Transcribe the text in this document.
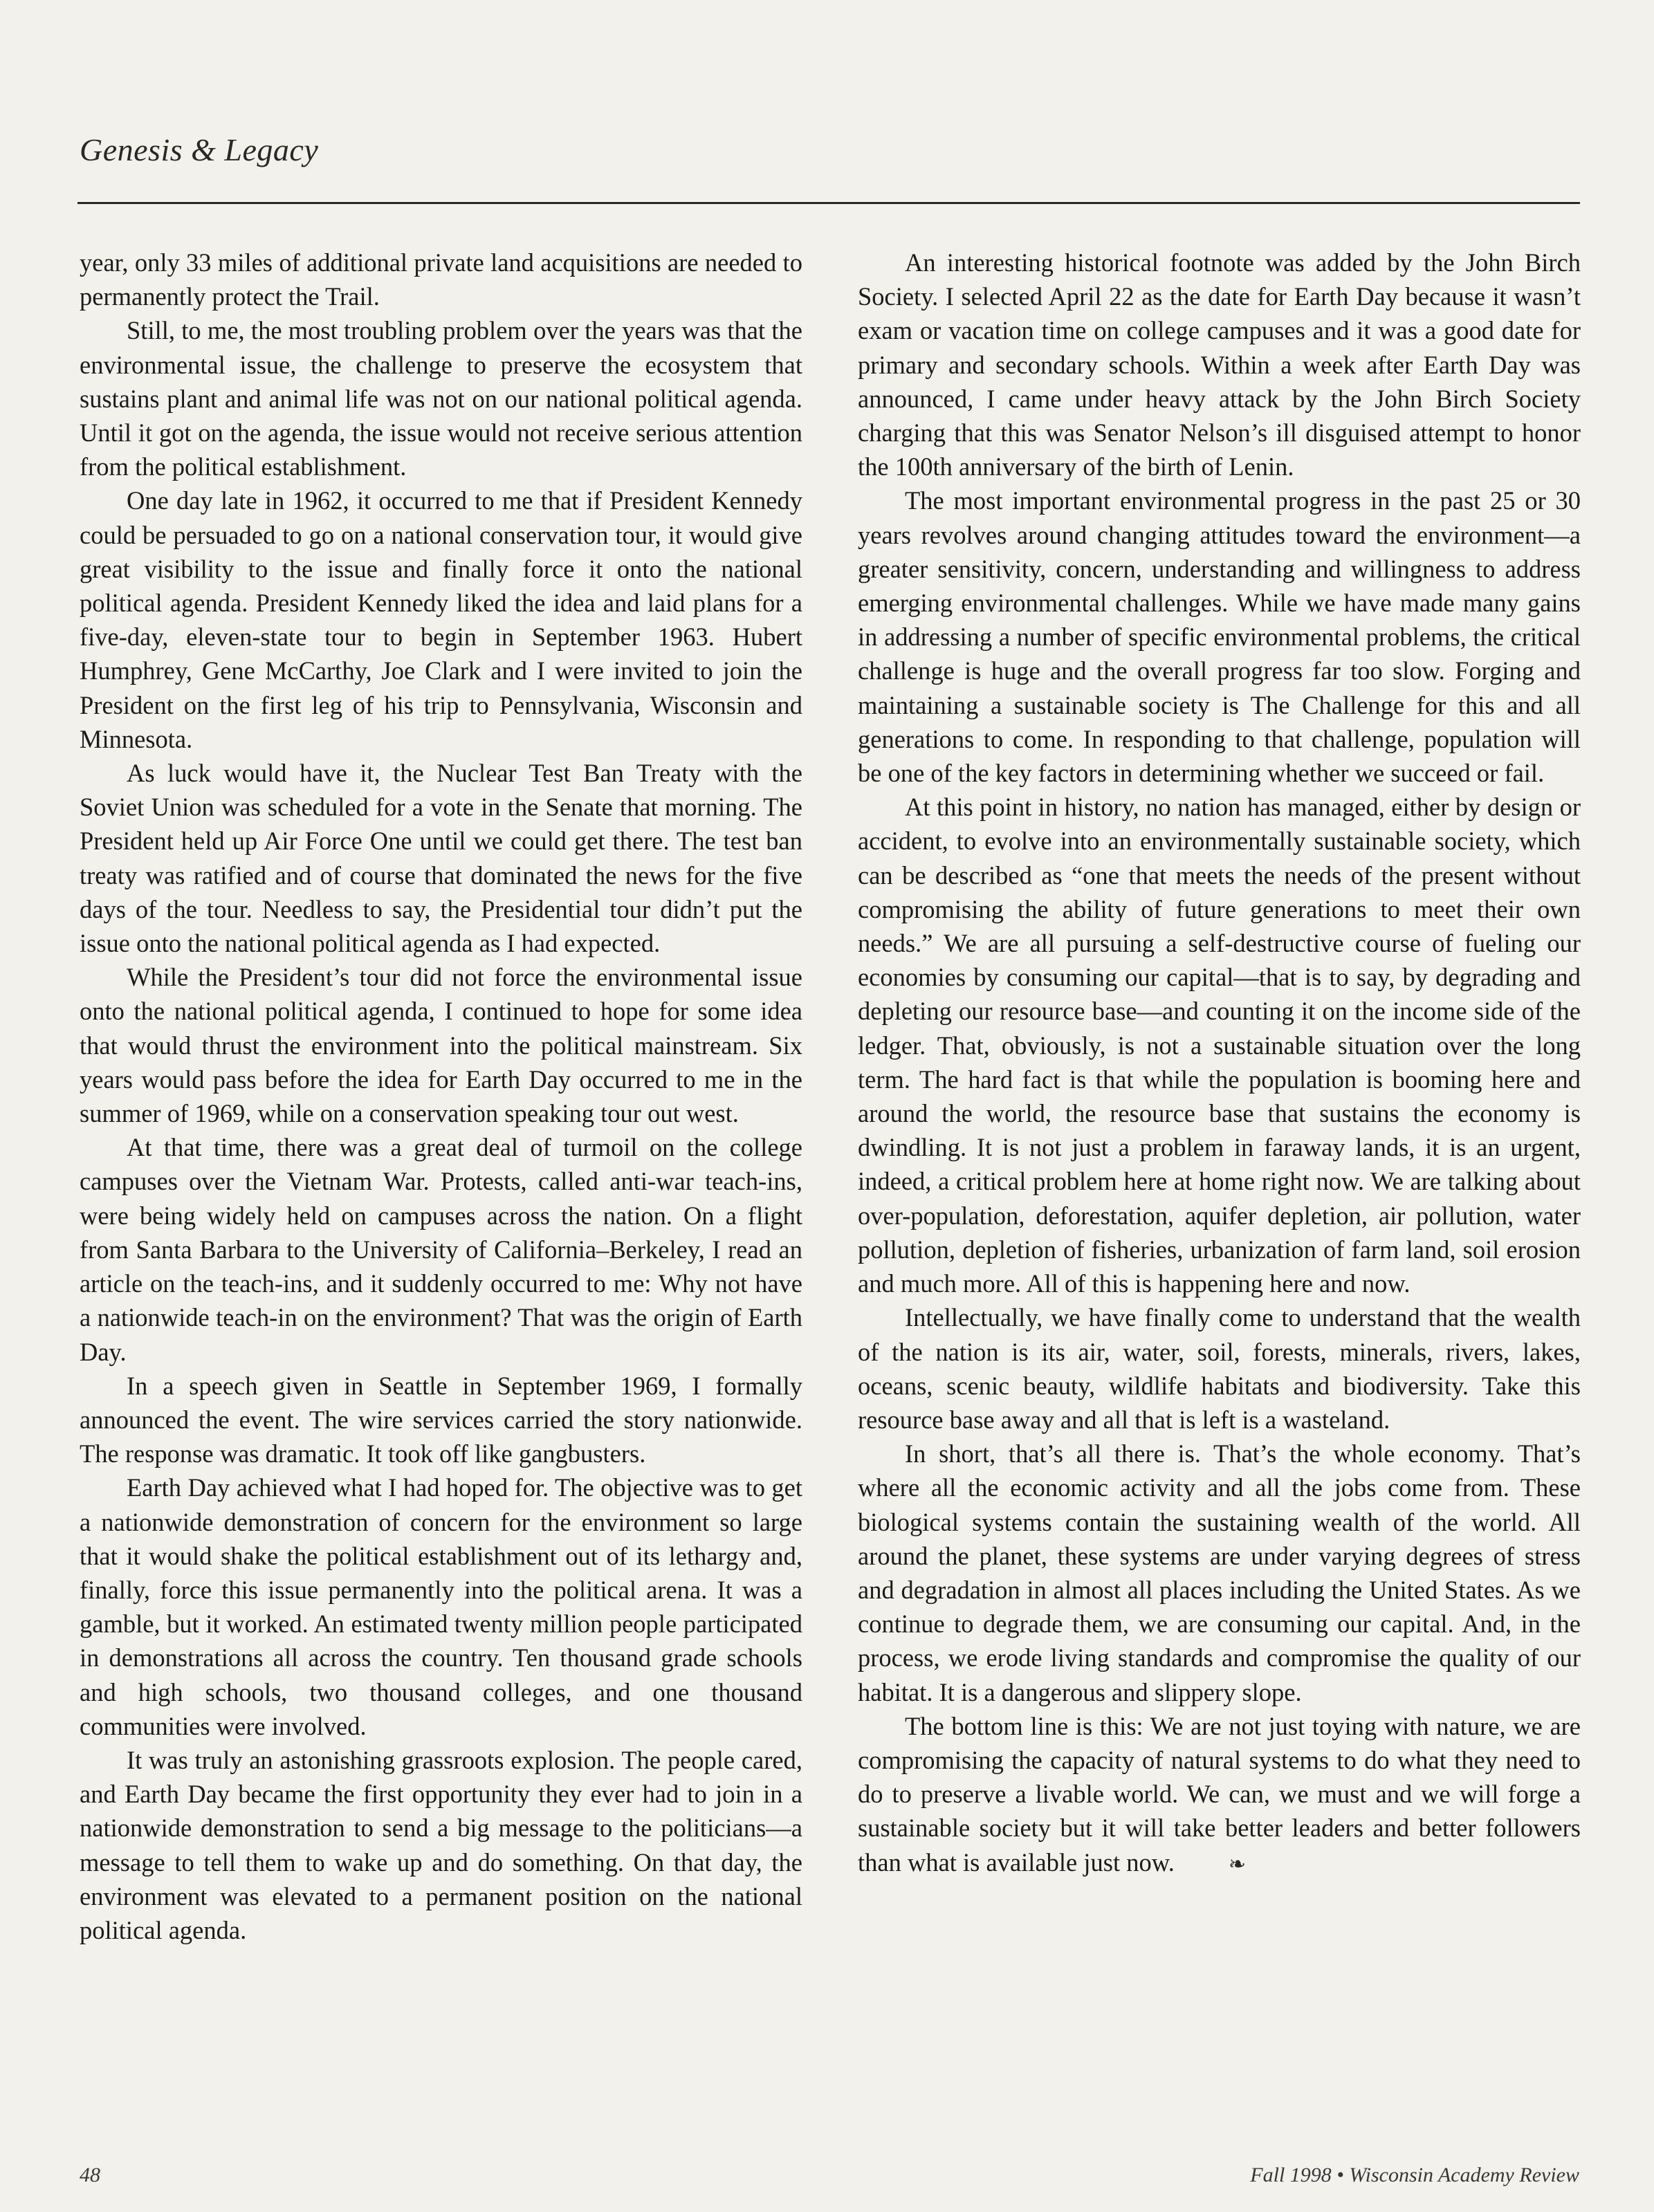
Genesis & Legacy

year, only 33 miles of additional private land acquisitions are needed to permanently protect the Trail.

Still, to me, the most troubling problem over the years was that the environmental issue, the challenge to preserve the ecosystem that sustains plant and animal life was not on our national political agenda. Until it got on the agenda, the issue would not receive serious attention from the political establishment.

One day late in 1962, it occurred to me that if President Kennedy could be persuaded to go on a national conservation tour, it would give great visibility to the issue and finally force it onto the national political agenda. President Kennedy liked the idea and laid plans for a five-day, eleven-state tour to begin in September 1963. Hubert Humphrey, Gene McCarthy, Joe Clark and I were invited to join the President on the first leg of his trip to Pennsylvania, Wisconsin and Minnesota.

As luck would have it, the Nuclear Test Ban Treaty with the Soviet Union was scheduled for a vote in the Senate that morning. The President held up Air Force One until we could get there. The test ban treaty was ratified and of course that dominated the news for the five days of the tour. Needless to say, the Presidential tour didn’t put the issue onto the national political agenda as I had expected.

While the President’s tour did not force the environmental issue onto the national political agenda, I continued to hope for some idea that would thrust the environment into the political mainstream. Six years would pass before the idea for Earth Day occurred to me in the summer of 1969, while on a conservation speaking tour out west.

At that time, there was a great deal of turmoil on the college campuses over the Vietnam War. Protests, called anti-war teach-ins, were being widely held on campuses across the nation. On a flight from Santa Barbara to the University of California–Berkeley, I read an article on the teach-ins, and it suddenly occurred to me: Why not have a nationwide teach-in on the environment? That was the origin of Earth Day.

In a speech given in Seattle in September 1969, I formally announced the event. The wire services carried the story nationwide. The response was dramatic. It took off like gangbusters.

Earth Day achieved what I had hoped for. The objective was to get a nationwide demonstration of concern for the environment so large that it would shake the political establishment out of its lethargy and, finally, force this issue permanently into the political arena. It was a gamble, but it worked. An estimated twenty million people participated in demonstrations all across the country. Ten thousand grade schools and high schools, two thousand colleges, and one thousand communities were involved.

It was truly an astonishing grassroots explosion. The people cared, and Earth Day became the first opportunity they ever had to join in a nationwide demonstration to send a big message to the politicians—a message to tell them to wake up and do something. On that day, the environment was elevated to a permanent position on the national political agenda.

An interesting historical footnote was added by the John Birch Society. I selected April 22 as the date for Earth Day because it wasn’t exam or vacation time on college campuses and it was a good date for primary and secondary schools. Within a week after Earth Day was announced, I came under heavy attack by the John Birch Society charging that this was Senator Nelson’s ill disguised attempt to honor the 100th anniversary of the birth of Lenin.

The most important environmental progress in the past 25 or 30 years revolves around changing attitudes toward the environment—a greater sensitivity, concern, understanding and willingness to address emerging environmental challenges. While we have made many gains in addressing a number of specific environmental problems, the critical challenge is huge and the overall progress far too slow. Forging and maintaining a sustainable society is The Challenge for this and all generations to come. In responding to that challenge, population will be one of the key factors in determining whether we succeed or fail.

At this point in history, no nation has managed, either by design or accident, to evolve into an environmentally sustainable society, which can be described as “one that meets the needs of the present without compromising the ability of future generations to meet their own needs.” We are all pursuing a self-destructive course of fueling our economies by consuming our capital—that is to say, by degrading and depleting our resource base—and counting it on the income side of the ledger. That, obviously, is not a sustainable situation over the long term. The hard fact is that while the population is booming here and around the world, the resource base that sustains the economy is dwindling. It is not just a problem in faraway lands, it is an urgent, indeed, a critical problem here at home right now. We are talking about over-population, deforestation, aquifer depletion, air pollution, water pollution, depletion of fisheries, urbanization of farm land, soil erosion and much more. All of this is happening here and now.

Intellectually, we have finally come to understand that the wealth of the nation is its air, water, soil, forests, minerals, rivers, lakes, oceans, scenic beauty, wildlife habitats and biodiversity. Take this resource base away and all that is left is a wasteland.

In short, that’s all there is. That’s the whole economy. That’s where all the economic activity and all the jobs come from. These biological systems contain the sustaining wealth of the world. All around the planet, these systems are under varying degrees of stress and degradation in almost all places including the United States. As we continue to degrade them, we are consuming our capital. And, in the process, we erode living standards and compromise the quality of our habitat. It is a dangerous and slippery slope.

The bottom line is this: We are not just toying with nature, we are compromising the capacity of natural systems to do what they need to do to preserve a livable world. We can, we must and we will forge a sustainable society but it will take better leaders and better followers than what is available just now.	❧

48	Fall 1998 • Wisconsin Academy Review
